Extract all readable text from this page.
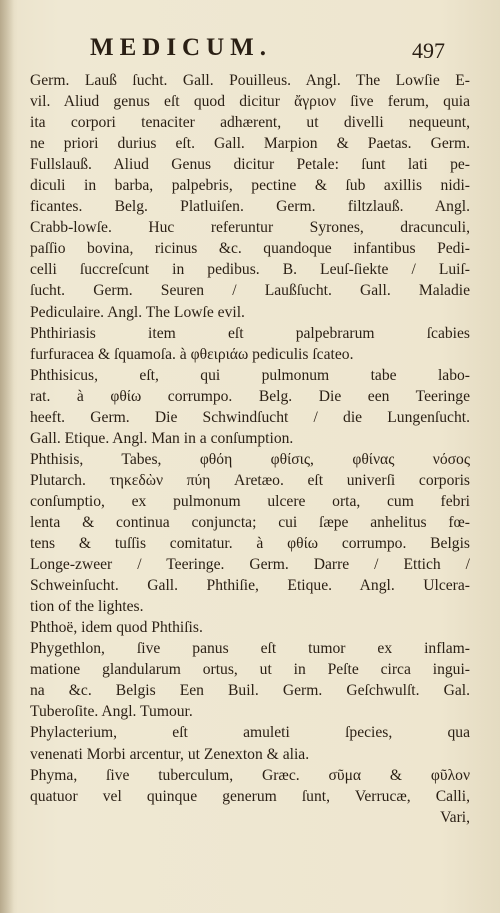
MEDICUM.	497
Germ. Lauß ſucht. Gall. Pouilleus. Angl. The Lowſie E-
vil. Aliud genus eſt quod dicitur ἄγριον ſive ferum, quia
ita corpori tenaciter adhærent, ut divelli nequeunt,
ne priori durius eſt. Gall. Marpion & Paetas. Germ.
Fullslauß. Aliud Genus dicitur Petale: ſunt lati pe-
diculi in barba, palpebris, pectine & ſub axillis nidi-
ficantes. Belg. Platluiſen. Germ. filtzlauß. Angl.
Crabb-lowſe. Huc referuntur Syrones, dracunculi,
paſſio bovina, ricinus &c. quandoque infantibus Pedi-
celli ſuccreſcunt in pedibus. B. Leuſ-ſiekte / Luiſ-
ſucht. Germ. Seuren / Laußſucht. Gall. Maladie
Pediculaire. Angl. The Lowſe evil.
Phthiriasis item eſt palpebrarum ſcabies
furfuracea & ſquamoſa. à φθειριάω pediculis ſcateo.
Phthisicus, eſt, qui pulmonum tabe labo-
rat. à φθίω corrumpo. Belg. Die een Teeringe
heeft. Germ. Die Schwindſucht / die Lungenſucht.
Gall. Etique. Angl. Man in a conſumption.
Phthisis, Tabes, φθόη φθίσις, φθίνας νόσος
Plutarch. τηκεδὼν πύη Aretæo. eſt univerſi corporis
conſumptio, ex pulmonum ulcere orta, cum febri
lenta & continua conjuncta; cui ſæpe anhelitus fœ-
tens & tuſſis comitatur. à φθίω corrumpo. Belgis
Longe-zweer / Teeringe. Germ. Darre / Ettich /
Schweinſucht. Gall. Phthiſie, Etique. Angl. Ulcera-
tion of the lightes.
Phthoë, idem quod Phthiſis.
Phygethlon, ſive panus eſt tumor ex inflam-
matione glandularum ortus, ut in Peſte circa ingui-
na &c. Belgis Een Buil. Germ. Geſchwulſt. Gal.
Tuberoſite. Angl. Tumour.
Phylacterium, eſt amuleti ſpecies, qua
venenati Morbi arcentur, ut Zenexton & alia.
Phyma, ſive tuberculum, Græc. σῦμα & φῦλον
quatuor vel quinque generum ſunt, Verrucæ, Calli,
Vari,
